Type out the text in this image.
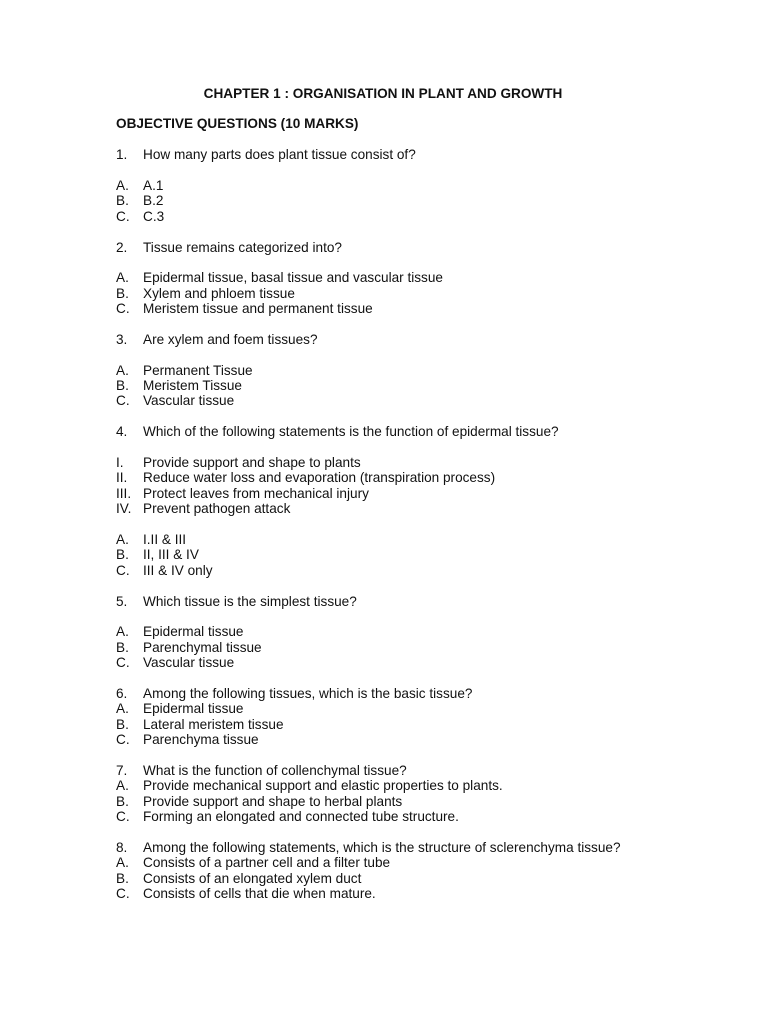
CHAPTER 1 : ORGANISATION IN PLANT AND GROWTH
OBJECTIVE QUESTIONS (10 MARKS)
1.	How many parts does plant tissue consist of?
A.	A.1
B.	B.2
C. C.3
2.	Tissue remains categorized into?
A.	Epidermal tissue, basal tissue and vascular tissue
B.	Xylem and phloem tissue
C. Meristem tissue and permanent tissue
3.	Are xylem and foem tissues?
A.	Permanent Tissue
B.	Meristem Tissue
C. Vascular tissue
4.	Which of the following statements is the function of epidermal tissue?
I.	Provide support and shape to plants
II.	Reduce water loss and evaporation (transpiration process)
III. Protect leaves from mechanical injury
IV. Prevent pathogen attack
A.	I.II & III
B.	II, III & IV
C. III & IV only
5.	Which tissue is the simplest tissue?
A.	Epidermal tissue
B.	Parenchymal tissue
C. Vascular tissue
6.	Among the following tissues, which is the basic tissue?
A.	Epidermal tissue
B.	Lateral meristem tissue
C. Parenchyma tissue
7.	What is the function of collenchymal tissue?
A.	Provide mechanical support and elastic properties to plants.
B.	Provide support and shape to herbal plants
C. Forming an elongated and connected tube structure.
8.	Among the following statements, which is the structure of sclerenchyma tissue?
A.	Consists of a partner cell and a filter tube
B.	Consists of an elongated xylem duct
C. Consists of cells that die when mature.
